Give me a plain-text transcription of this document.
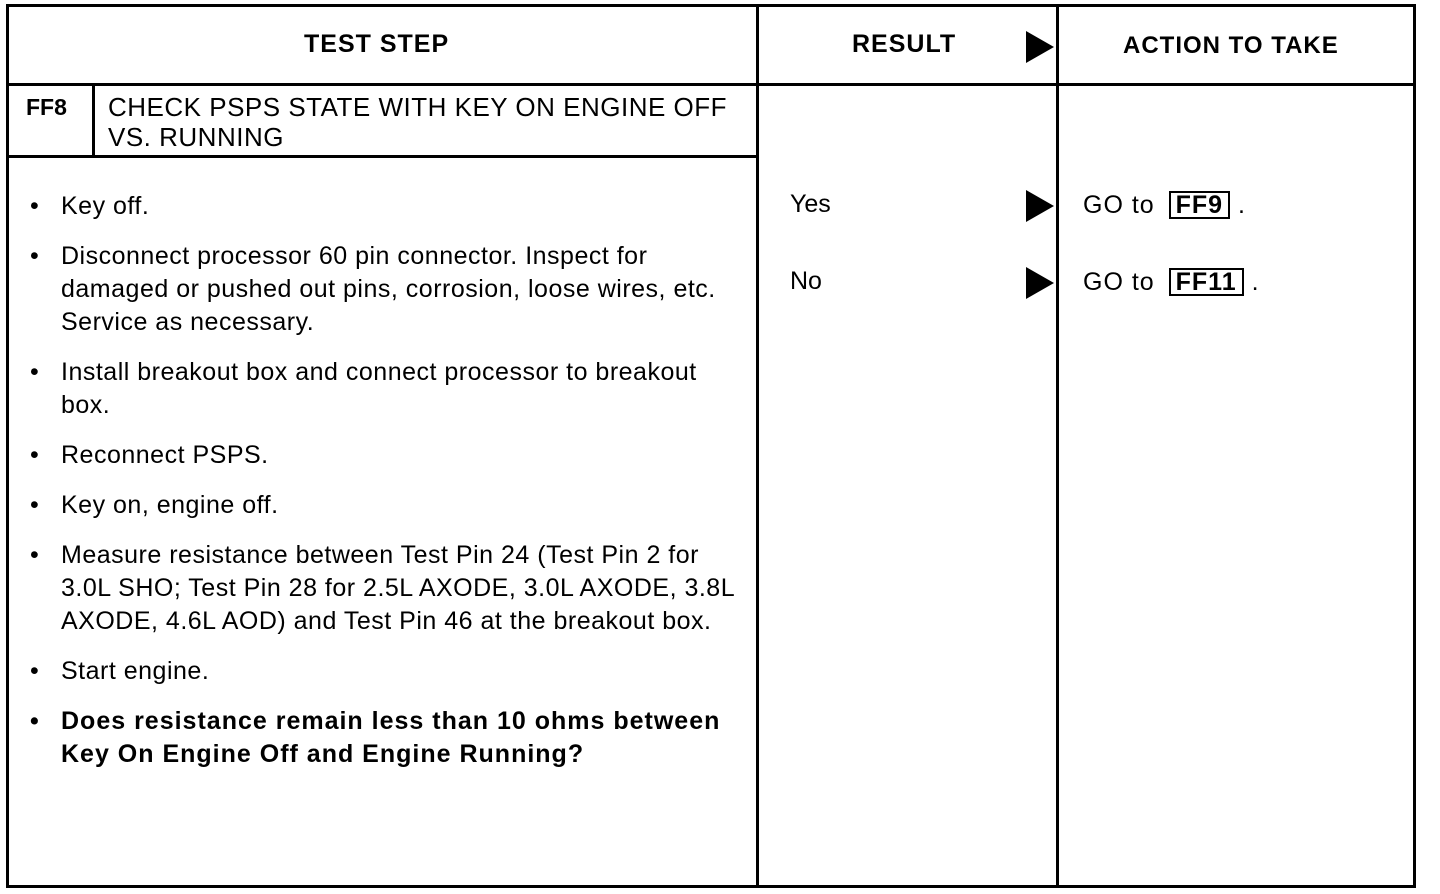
TEST STEP	RESULT	ACTION TO TAKE
FF8 CHECK PSPS STATE WITH KEY ON ENGINE OFF VS. RUNNING
• Key off.
• Disconnect processor 60 pin connector. Inspect for damaged or pushed out pins, corrosion, loose wires, etc. Service as necessary.
• Install breakout box and connect processor to breakout box.
• Reconnect PSPS.
• Key on, engine off.
• Measure resistance between Test Pin 24 (Test Pin 2 for 3.0L SHO; Test Pin 28 for 2.5L AXODE, 3.0L AXODE, 3.8L AXODE, 4.6L AOD) and Test Pin 46 at the breakout box.
• Start engine.
• Does resistance remain less than 10 ohms between Key On Engine Off and Engine Running?
Yes	GO to FF9 .
No	GO to FF11 .
